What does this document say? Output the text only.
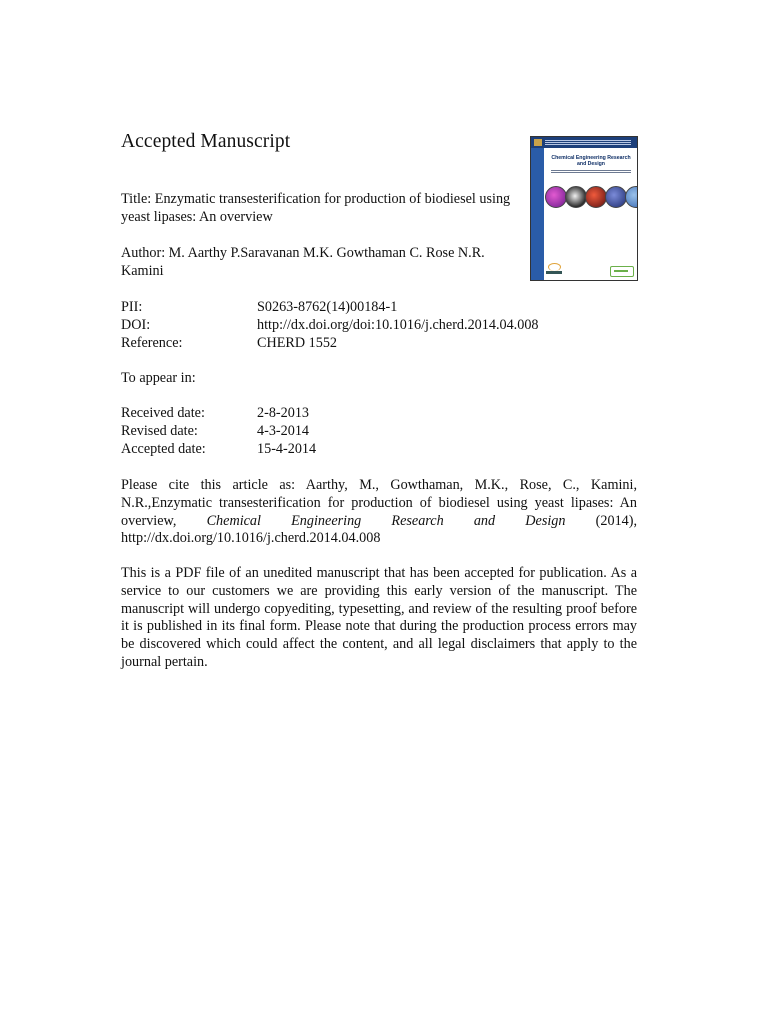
Accepted Manuscript
Chemical Engineering Research and Design
Title: Enzymatic transesterification for production of biodiesel using yeast lipases: An overview
Author: M. Aarthy P.Saravanan M.K. Gowthaman C. Rose N.R. Kamini
PII:	S0263-8762(14)00184-1
DOI:	http://dx.doi.org/doi:10.1016/j.cherd.2014.04.008
Reference:	CHERD 1552
To appear in:
Received date:	2-8-2013
Revised date:	4-3-2014
Accepted date:	15-4-2014
Please cite this article as: Aarthy, M., Gowthaman, M.K., Rose, C., Kamini, N.R.,Enzymatic transesterification for production of biodiesel using yeast lipases: An overview, Chemical Engineering Research and Design (2014), http://dx.doi.org/10.1016/j.cherd.2014.04.008
This is a PDF file of an unedited manuscript that has been accepted for publication. As a service to our customers we are providing this early version of the manuscript. The manuscript will undergo copyediting, typesetting, and review of the resulting proof before it is published in its final form. Please note that during the production process errors may be discovered which could affect the content, and all legal disclaimers that apply to the journal pertain.
